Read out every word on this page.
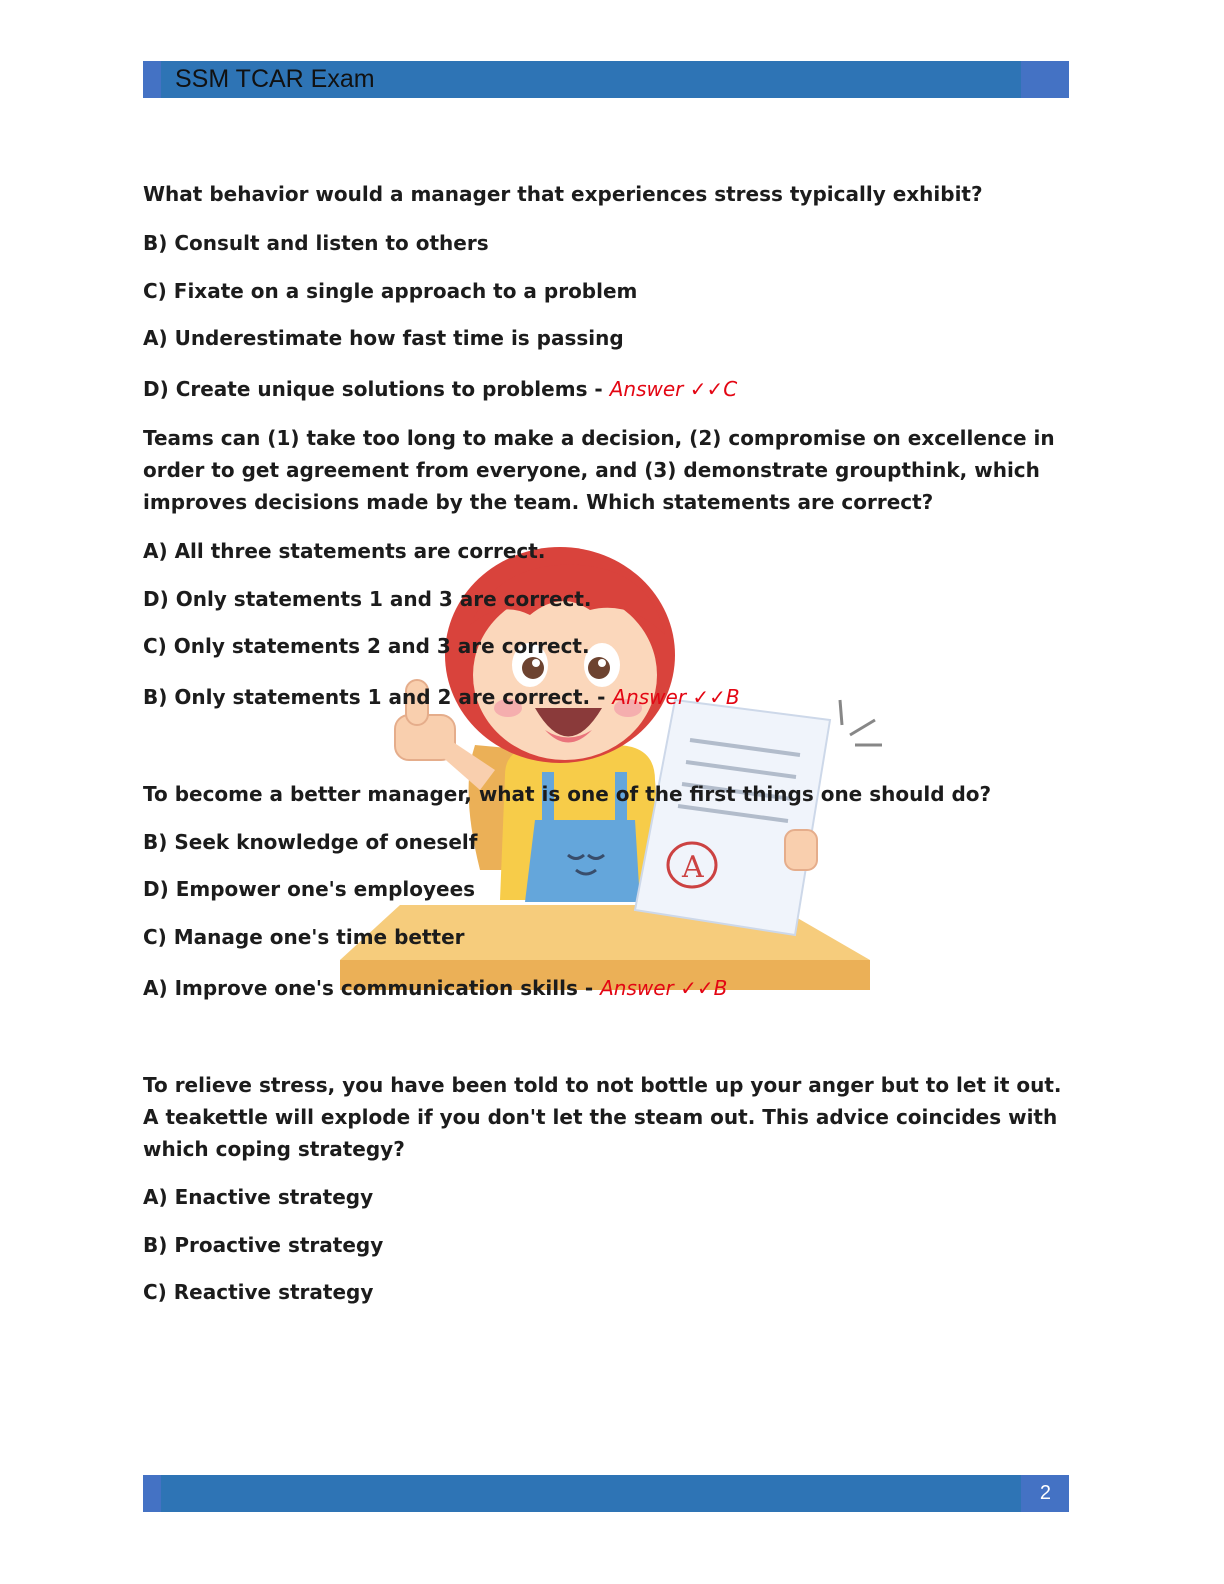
SSM TCAR Exam
A
What behavior would a manager that experiences stress typically exhibit?
B) Consult and listen to others
C) Fixate on a single approach to a problem
A) Underestimate how fast time is passing
D) Create unique solutions to problems - Answer ✓✓C
Teams can (1) take too long to make a decision, (2) compromise on excellence in order to get agreement from everyone, and (3) demonstrate groupthink, which improves decisions made by the team. Which statements are correct?
A) All three statements are correct.
D) Only statements 1 and 3 are correct.
C) Only statements 2 and 3 are correct.
B) Only statements 1 and 2 are correct. - Answer ✓✓B
To become a better manager, what is one of the first things one should do?
B) Seek knowledge of oneself
D) Empower one's employees
C) Manage one's time better
A) Improve one's communication skills - Answer ✓✓B
To relieve stress, you have been told to not bottle up your anger but to let it out. A teakettle will explode if you don't let the steam out. This advice coincides with which coping strategy?
A) Enactive strategy
B) Proactive strategy
C) Reactive strategy
2
